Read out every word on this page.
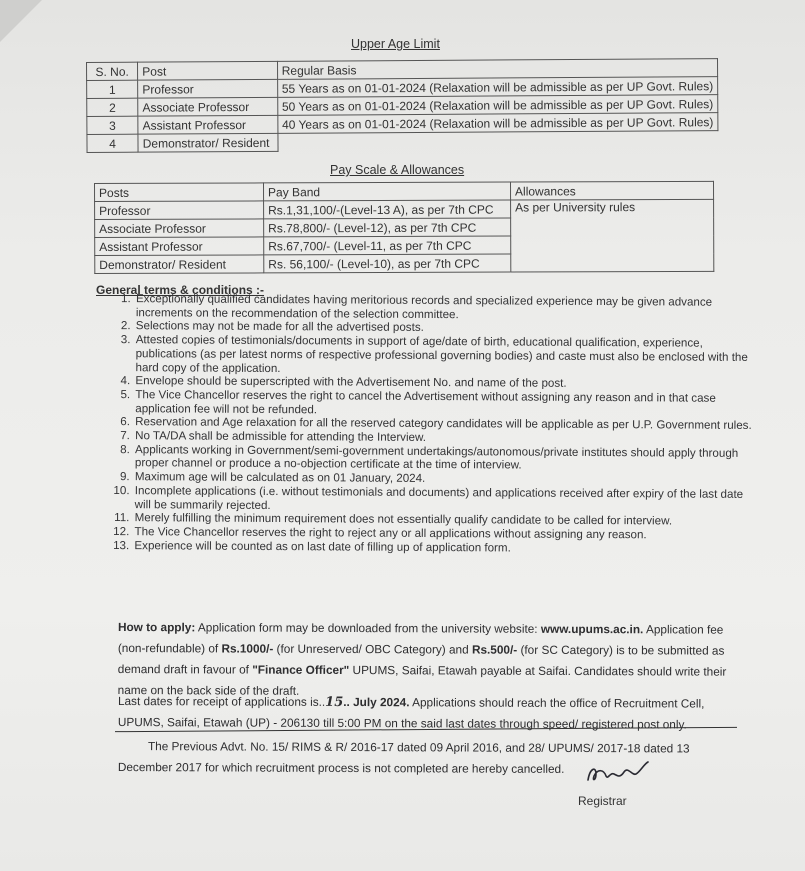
Upper Age Limit
S. No.	Post	Regular Basis
1	Professor	55 Years as on 01-01-2024 (Relaxation will be admissible as per UP Govt. Rules)
2	Associate Professor	50 Years as on 01-01-2024 (Relaxation will be admissible as per UP Govt. Rules)
3	Assistant Professor	40 Years as on 01-01-2024 (Relaxation will be admissible as per UP Govt. Rules)
4	Demonstrator/ Resident	
Pay Scale & Allowances
Posts	Pay Band	Allowances
Professor	Rs.1,31,100/-(Level-13 A), as per 7th CPC	As per University rules
Associate Professor	Rs.78,800/- (Level-12), as per 7th CPC	
Assistant Professor	Rs.67,700/- (Level-11, as per 7th CPC	
Demonstrator/ Resident	Rs. 56,100/- (Level-10), as per 7th CPC	
General terms & conditions :-
1. Exceptionally qualified candidates having meritorious records and specialized experience may be given advance increments on the recommendation of the selection committee.
2. Selections may not be made for all the advertised posts.
3. Attested copies of testimonials/documents in support of age/date of birth, educational qualification, experience, publications (as per latest norms of respective professional governing bodies) and caste must also be enclosed with the hard copy of the application.
4. Envelope should be superscripted with the Advertisement No. and name of the post.
5. The Vice Chancellor reserves the right to cancel the Advertisement without assigning any reason and in that case application fee will not be refunded.
6. Reservation and Age relaxation for all the reserved category candidates will be applicable as per U.P. Government rules.
7. No TA/DA shall be admissible for attending the Interview.
8. Applicants working in Government/semi-government undertakings/autonomous/private institutes should apply through proper channel or produce a no-objection certificate at the time of interview.
9. Maximum age will be calculated as on 01 January, 2024.
10. Incomplete applications (i.e. without testimonials and documents) and applications received after expiry of the last date will be summarily rejected.
11. Merely fulfilling the minimum requirement does not essentially qualify candidate to be called for interview.
12. The Vice Chancellor reserves the right to reject any or all applications without assigning any reason.
13. Experience will be counted as on last date of filling up of application form.
How to apply: Application form may be downloaded from the university website: www.upums.ac.in. Application fee (non-refundable) of Rs.1000/- (for Unreserved/ OBC Category) and Rs.500/- (for SC Category) is to be submitted as demand draft in favour of "Finance Officer" UPUMS, Saifai, Etawah payable at Saifai. Candidates should write their name on the back side of the draft.
Last dates for receipt of applications is..15.. July 2024. Applications should reach the office of Recruitment Cell, UPUMS, Saifai, Etawah (UP) - 206130 till 5:00 PM on the said last dates through speed/ registered post only.
The Previous Advt. No. 15/ RIMS & R/ 2016-17 dated 09 April 2016, and 28/ UPUMS/ 2017-18 dated 13 December 2017 for which recruitment process is not completed are hereby cancelled.
Registrar
